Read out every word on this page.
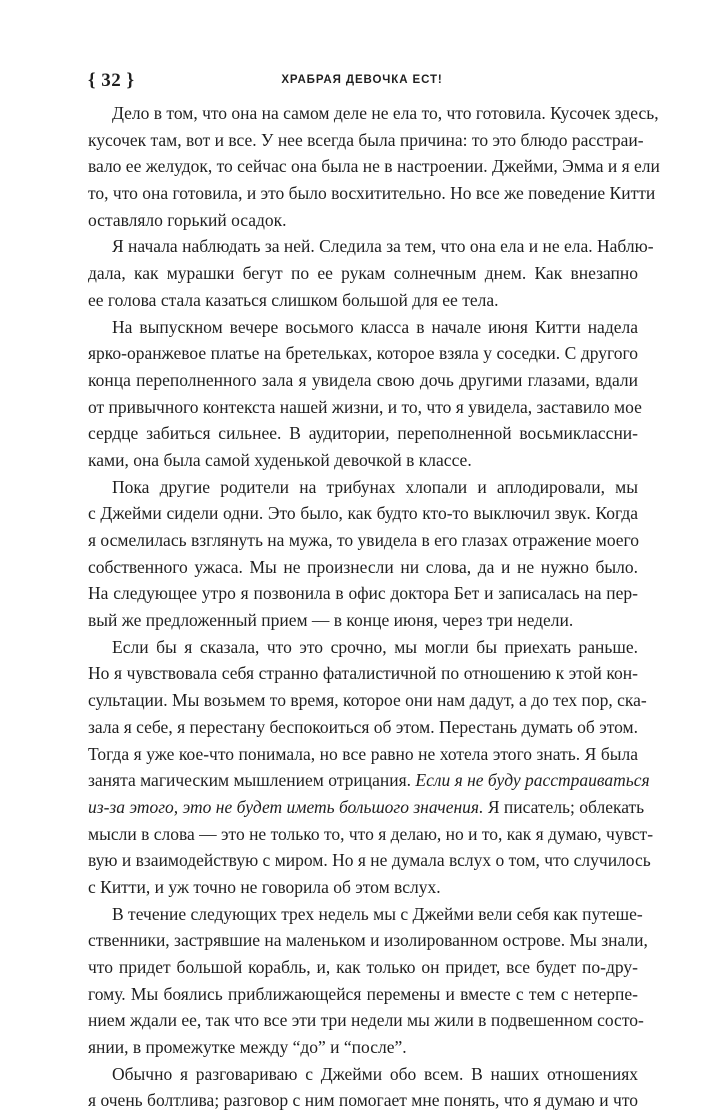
{ 32 }	ХРАБРАЯ ДЕВОЧКА ЕСТ!
Дело в том, что она на самом деле не ела то, что готовила. Кусочек здесь,
кусочек там, вот и все. У нее всегда была причина: то это блюдо расстраи-
вало ее желудок, то сейчас она была не в настроении. Джейми, Эмма и я ели
то, что она готовила, и это было восхитительно. Но все же поведение Китти
оставляло горький осадок.
Я начала наблюдать за ней. Следила за тем, что она ела и не ела. Наблю-
дала, как мурашки бегут по ее рукам солнечным днем. Как внезапно
ее голова стала казаться слишком большой для ее тела.
На выпускном вечере восьмого класса в начале июня Китти надела
ярко-оранжевое платье на бретельках, которое взяла у соседки. С другого
конца переполненного зала я увидела свою дочь другими глазами, вдали
от привычного контекста нашей жизни, и то, что я увидела, заставило мое
сердце забиться сильнее. В аудитории, переполненной восьмиклассни-
ками, она была самой худенькой девочкой в классе.
Пока другие родители на трибунах хлопали и аплодировали, мы
с Джейми сидели одни. Это было, как будто кто-то выключил звук. Когда
я осмелилась взглянуть на мужа, то увидела в его глазах отражение моего
собственного ужаса. Мы не произнесли ни слова, да и не нужно было.
На следующее утро я позвонила в офис доктора Бет и записалась на пер-
вый же предложенный прием — в конце июня, через три недели.
Если бы я сказала, что это срочно, мы могли бы приехать раньше.
Но я чувствовала себя странно фаталистичной по отношению к этой кон-
сультации. Мы возьмем то время, которое они нам дадут, а до тех пор, ска-
зала я себе, я перестану беспокоиться об этом. Перестань думать об этом.
Тогда я уже кое-что понимала, но все равно не хотела этого знать. Я была
занята магическим мышлением отрицания. Если я не буду расстраиваться
из-за этого, это не будет иметь большого значения. Я писатель; облекать
мысли в слова — это не только то, что я делаю, но и то, как я думаю, чувст-
вую и взаимодействую с миром. Но я не думала вслух о том, что случилось
с Китти, и уж точно не говорила об этом вслух.
В течение следующих трех недель мы с Джейми вели себя как путеше-
ственники, застрявшие на маленьком и изолированном острове. Мы знали,
что придет большой корабль, и, как только он придет, все будет по-дру-
гому. Мы боялись приближающейся перемены и вместе с тем с нетерпе-
нием ждали ее, так что все эти три недели мы жили в подвешенном состо-
янии, в промежутке между “до” и “после”.
Обычно я разговариваю с Джейми обо всем. В наших отношениях
я очень болтлива; разговор с ним помогает мне понять, что я думаю и что
